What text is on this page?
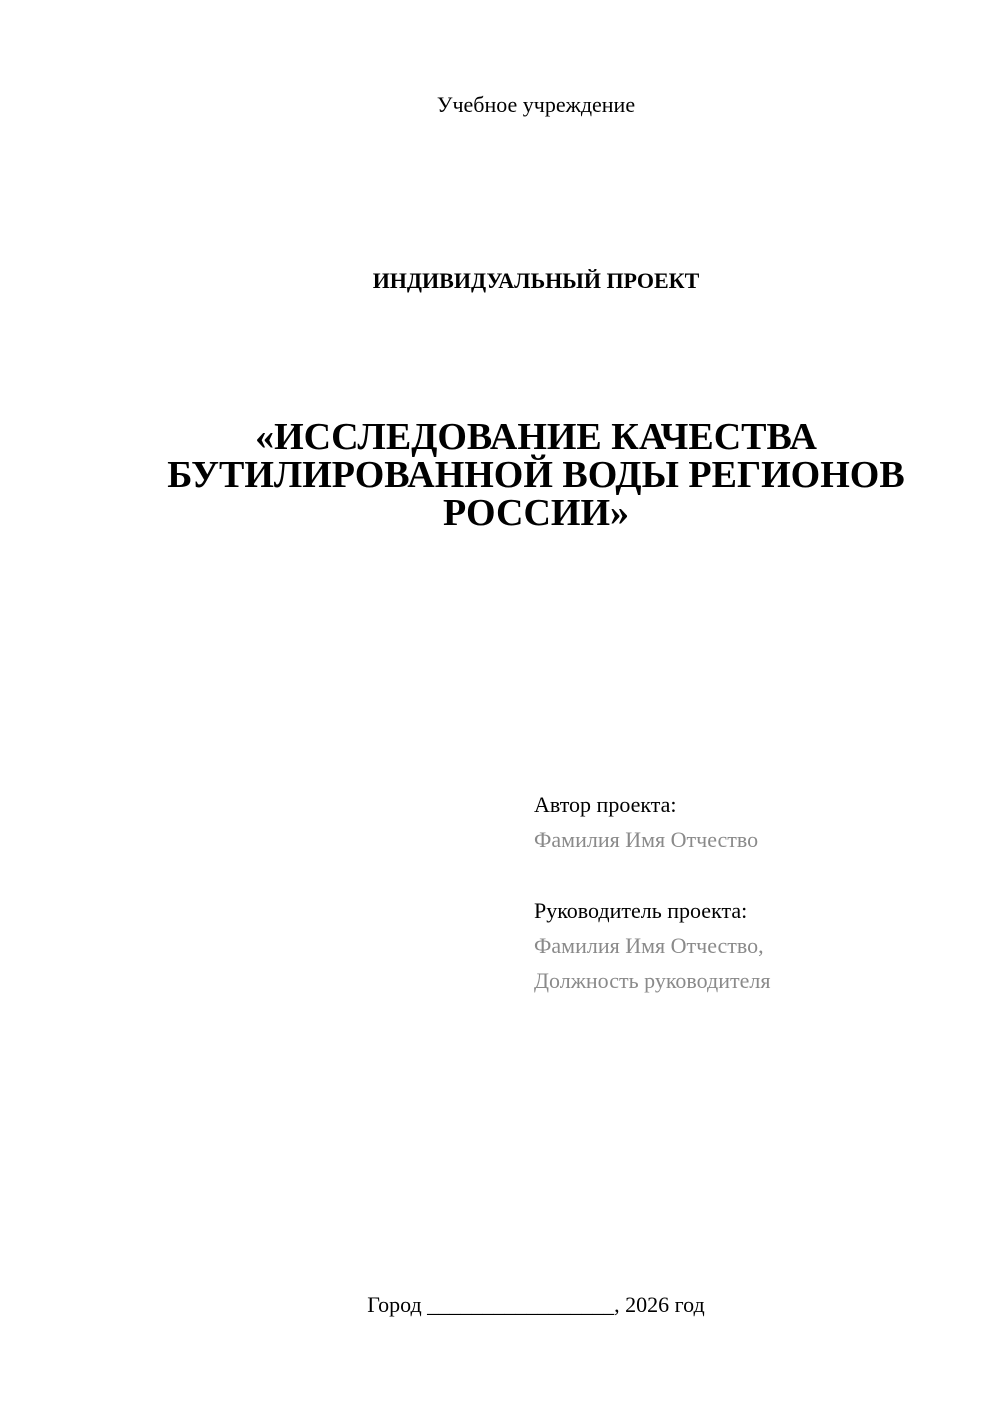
Учебное учреждение

ИНДИВИДУАЛЬНЫЙ ПРОЕКТ

«ИССЛЕДОВАНИЕ КАЧЕСТВА БУТИЛИРОВАННОЙ ВОДЫ РЕГИОНОВ РОССИИ»

Автор проекта:

Фамилия Имя Отчество

Руководитель проекта:

Фамилия Имя Отчество,

Должность руководителя

Город _________________, 2026 год
